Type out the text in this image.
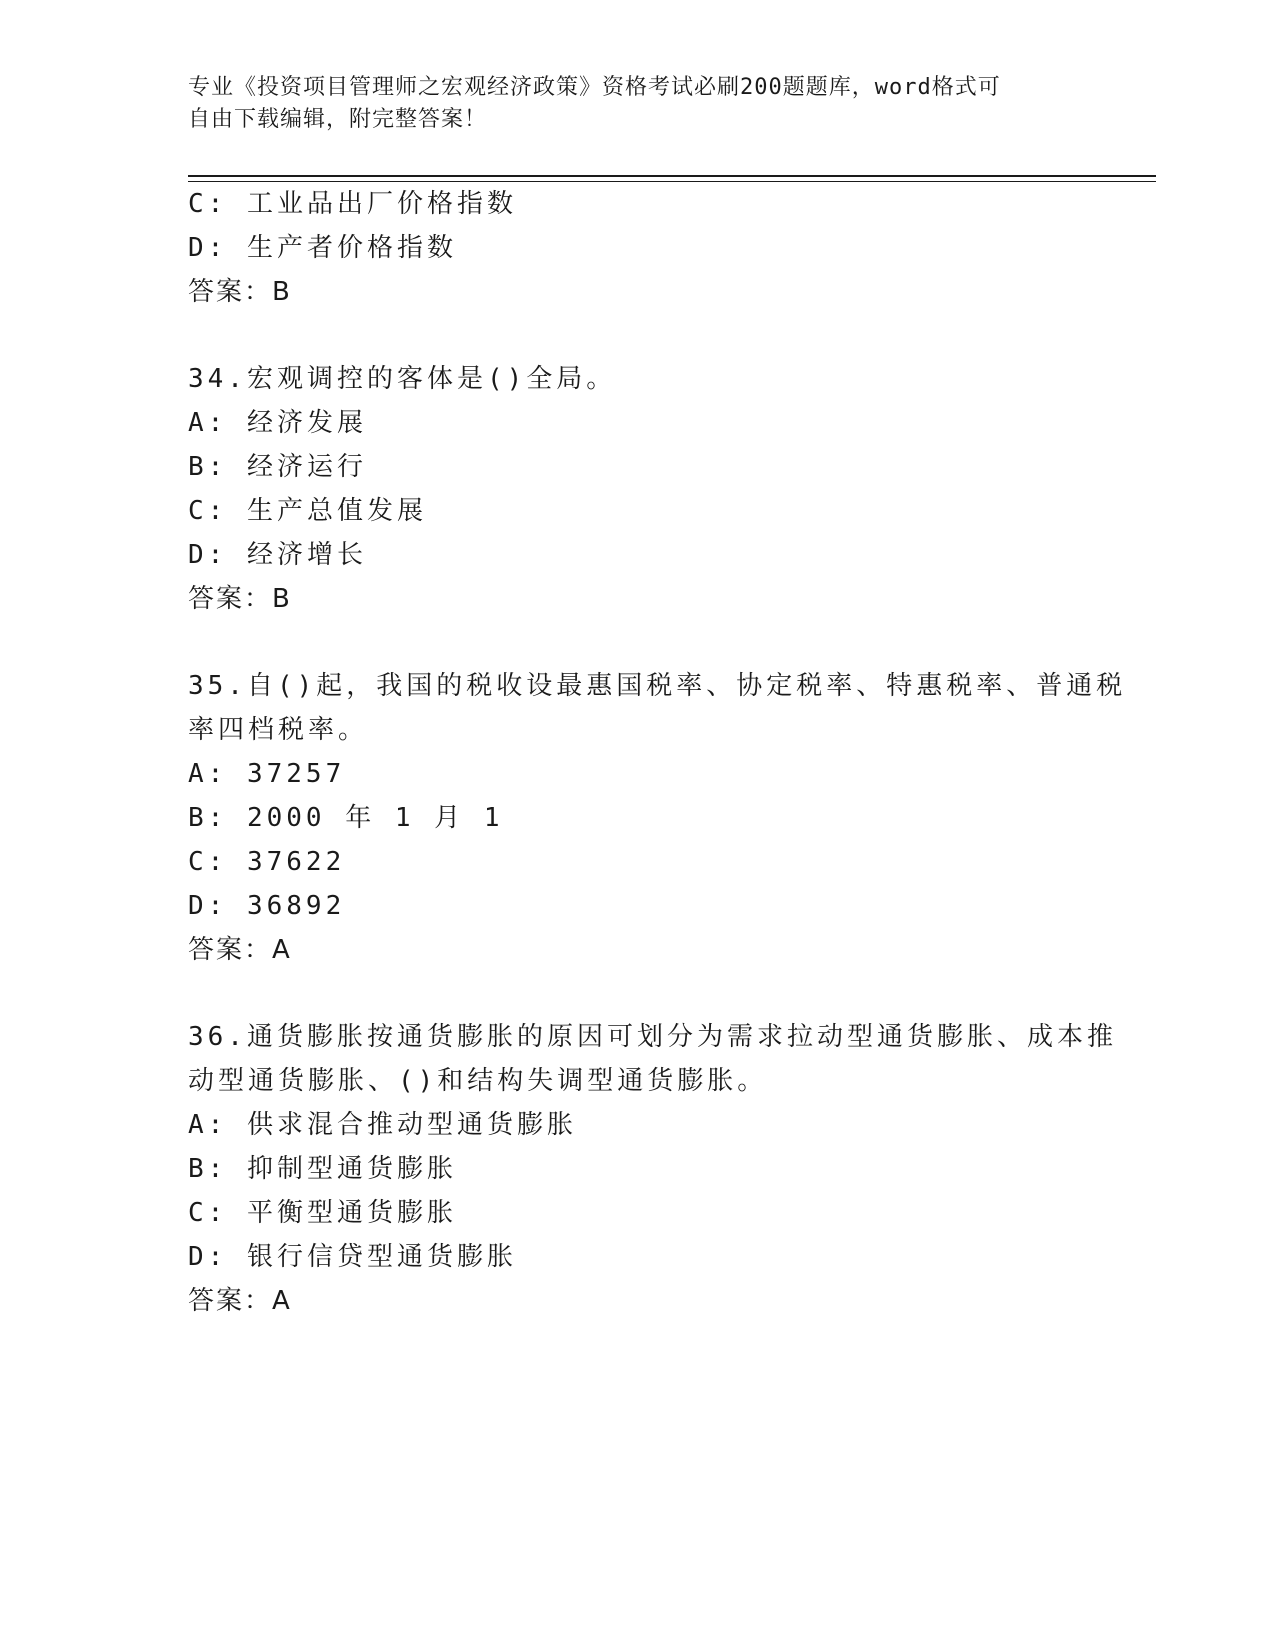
专业《投资项目管理师之宏观经济政策》资格考试必刷200题题库，word格式可
自由下载编辑，附完整答案！
C: 工业品出厂价格指数
D: 生产者价格指数
答案：B
34.宏观调控的客体是()全局。
A: 经济发展
B: 经济运行
C: 生产总值发展
D: 经济增长
答案：B
35.自()起，我国的税收设最惠国税率、协定税率、特惠税率、普通税
率四档税率。
A: 37257
B: 2000 年 1 月 1
C: 37622
D: 36892
答案：A
36.通货膨胀按通货膨胀的原因可划分为需求拉动型通货膨胀、成本推
动型通货膨胀、()和结构失调型通货膨胀。
A: 供求混合推动型通货膨胀
B: 抑制型通货膨胀
C: 平衡型通货膨胀
D: 银行信贷型通货膨胀
答案：A
